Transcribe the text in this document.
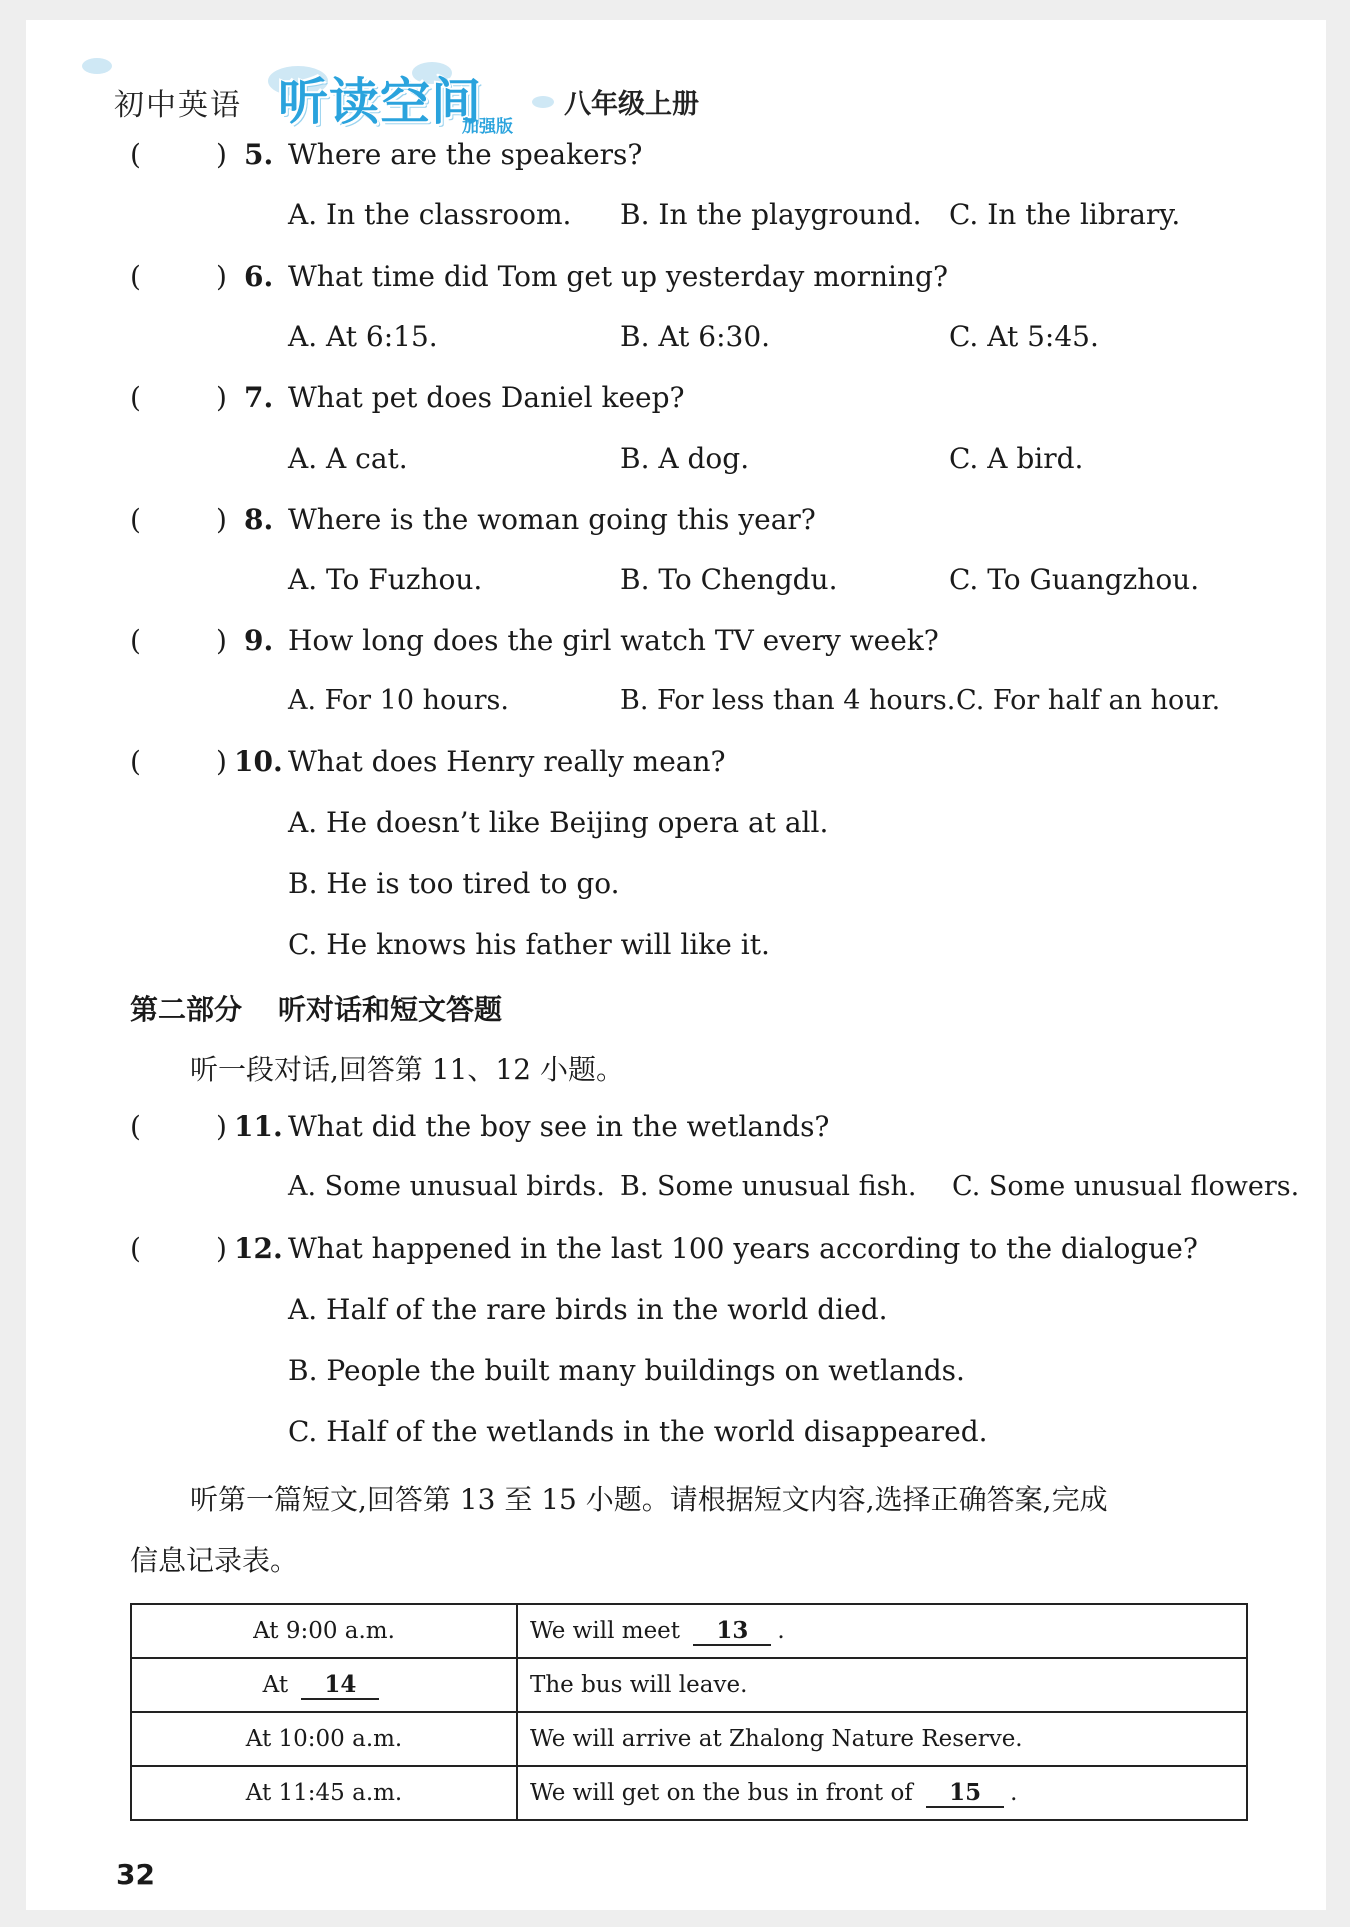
初中英语 听读空间
加强版
八年级上册
(	) 5. Where are the speakers?
A. In the classroom. B. In the playground. C. In the library.
(	) 6. What time did Tom get up yesterday morning?
A. At 6:15.	B. At 6:30.	C. At 5:45.
(	) 7. What pet does Daniel keep?
A. A cat.	B. A dog.	C. A bird.
(	) 8. Where is the woman going this year?
A. To Fuzhou.	B. To Chengdu.	C. To Guangzhou.
(	) 9. How long does the girl watch TV every week?
A. For 10 hours.	B. For less than 4 hours. C. For half an hour.
(	) 10. What does Henry really mean?
A. He doesn’t like Beijing opera at all.
B. He is too tired to go.
C. He knows his father will like it.
第二部分 听对话和短文答题
听一段对话,回答第 11、12 小题。
(	) 11. What did the boy see in the wetlands?
A. Some unusual birds. B. Some unusual fish. C. Some unusual flowers.
(	) 12. What happened in the last 100 years according to the dialogue?
A. Half of the rare birds in the world died.
B. People the built many buildings on wetlands.
C. Half of the wetlands in the world disappeared.
听第一篇短文,回答第 13 至 15 小题。请根据短文内容,选择正确答案,完成
信息记录表。
At 9:00 a.m.	We will meet 13 .
At 14	The bus will leave.
At 10:00 a.m.	We will arrive at Zhalong Nature Reserve.
At 11:45 a.m.	We will get on the bus in front of 15 .
32
